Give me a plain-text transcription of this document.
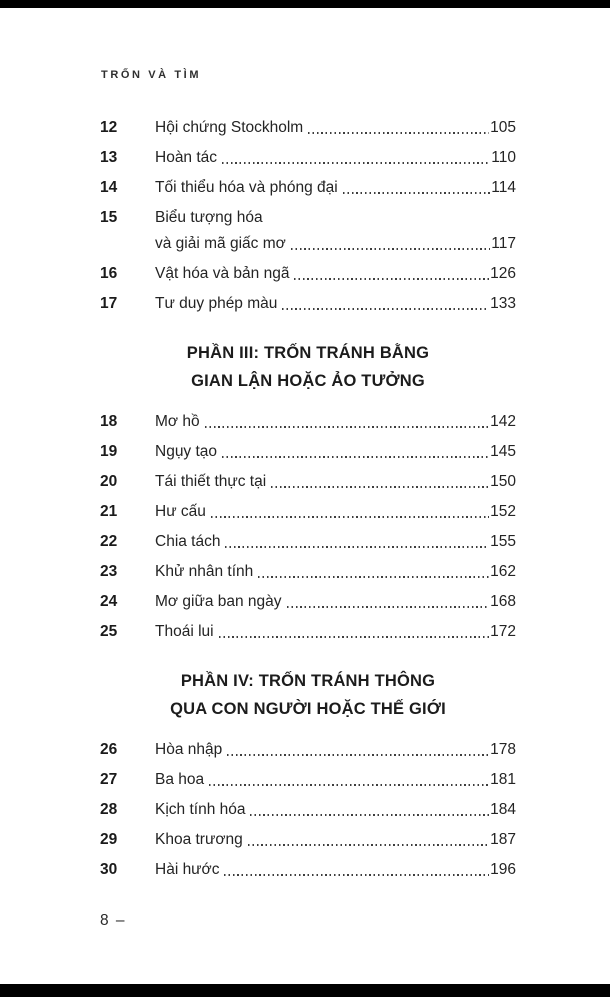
TRỐN VÀ TÌM
12	Hội chứng Stockholm	105
13	Hoàn tác	110
14	Tối thiểu hóa và phóng đại	114
15	Biểu tượng hóa
và giải mã giấc mơ	117
16	Vật hóa và bản ngã	126
17	Tư duy phép màu	133
PHẦN III: TRỐN TRÁNH BẰNG
GIAN LẬN HOẶC ẢO TƯỞNG
18	Mơ hồ	142
19	Ngụy tạo	145
20	Tái thiết thực tại	150
21	Hư cấu	152
22	Chia tách	155
23	Khử nhân tính	162
24	Mơ giữa ban ngày	168
25	Thoái lui	172
PHẦN IV: TRỐN TRÁNH THÔNG
QUA CON NGƯỜI HOẶC THẾ GIỚI
26	Hòa nhập	178
27	Ba hoa	181
28	Kịch tính hóa	184
29	Khoa trương	187
30	Hài hước	196
8 –
